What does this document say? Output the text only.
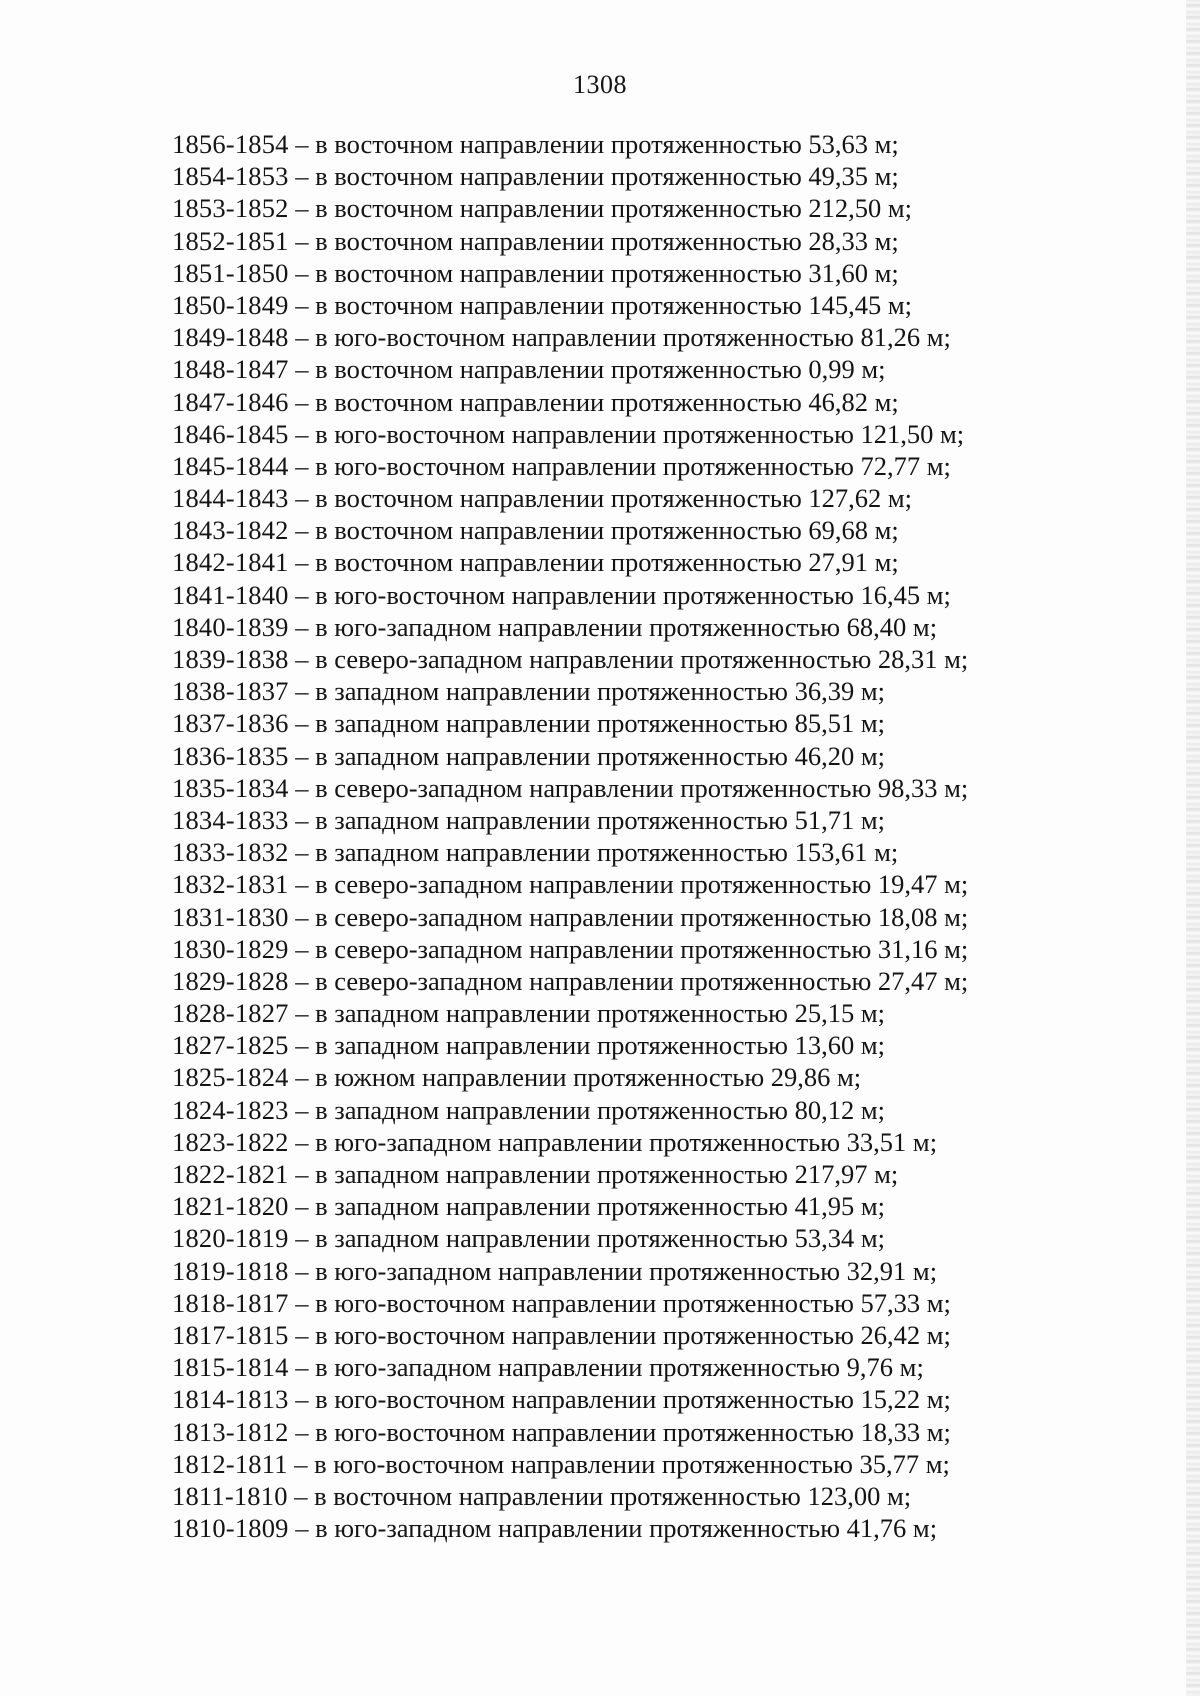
1308
1856-1854 – в восточном направлении протяженностью 53,63 м;
1854-1853 – в восточном направлении протяженностью 49,35 м;
1853-1852 – в восточном направлении протяженностью 212,50 м;
1852-1851 – в восточном направлении протяженностью 28,33 м;
1851-1850 – в восточном направлении протяженностью 31,60 м;
1850-1849 – в восточном направлении протяженностью 145,45 м;
1849-1848 – в юго-восточном направлении протяженностью 81,26 м;
1848-1847 – в восточном направлении протяженностью 0,99 м;
1847-1846 – в восточном направлении протяженностью 46,82 м;
1846-1845 – в юго-восточном направлении протяженностью 121,50 м;
1845-1844 – в юго-восточном направлении протяженностью 72,77 м;
1844-1843 – в восточном направлении протяженностью 127,62 м;
1843-1842 – в восточном направлении протяженностью 69,68 м;
1842-1841 – в восточном направлении протяженностью 27,91 м;
1841-1840 – в юго-восточном направлении протяженностью 16,45 м;
1840-1839 – в юго-западном направлении протяженностью 68,40 м;
1839-1838 – в северо-западном направлении протяженностью 28,31 м;
1838-1837 – в западном направлении протяженностью 36,39 м;
1837-1836 – в западном направлении протяженностью 85,51 м;
1836-1835 – в западном направлении протяженностью 46,20 м;
1835-1834 – в северо-западном направлении протяженностью 98,33 м;
1834-1833 – в западном направлении протяженностью 51,71 м;
1833-1832 – в западном направлении протяженностью 153,61 м;
1832-1831 – в северо-западном направлении протяженностью 19,47 м;
1831-1830 – в северо-западном направлении протяженностью 18,08 м;
1830-1829 – в северо-западном направлении протяженностью 31,16 м;
1829-1828 – в северо-западном направлении протяженностью 27,47 м;
1828-1827 – в западном направлении протяженностью 25,15 м;
1827-1825 – в западном направлении протяженностью 13,60 м;
1825-1824 – в южном направлении протяженностью 29,86 м;
1824-1823 – в западном направлении протяженностью 80,12 м;
1823-1822 – в юго-западном направлении протяженностью 33,51 м;
1822-1821 – в западном направлении протяженностью 217,97 м;
1821-1820 – в западном направлении протяженностью 41,95 м;
1820-1819 – в западном направлении протяженностью 53,34 м;
1819-1818 – в юго-западном направлении протяженностью 32,91 м;
1818-1817 – в юго-восточном направлении протяженностью 57,33 м;
1817-1815 – в юго-восточном направлении протяженностью 26,42 м;
1815-1814 – в юго-западном направлении протяженностью 9,76 м;
1814-1813 – в юго-восточном направлении протяженностью 15,22 м;
1813-1812 – в юго-восточном направлении протяженностью 18,33 м;
1812-1811 – в юго-восточном направлении протяженностью 35,77 м;
1811-1810 – в восточном направлении протяженностью 123,00 м;
1810-1809 – в юго-западном направлении протяженностью 41,76 м;
